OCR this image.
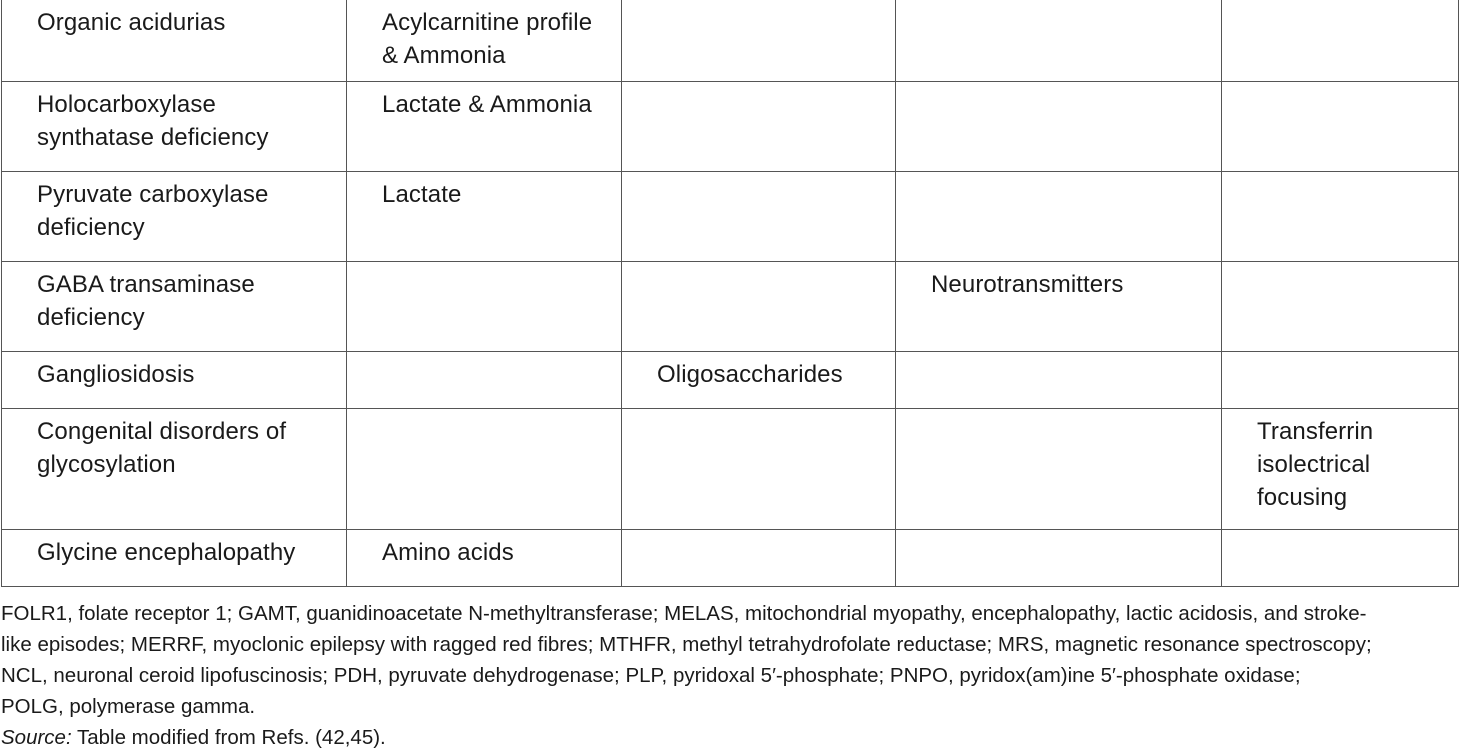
Organic acidurias	Acylcarnitine profile & Ammonia			
Holocarboxylase synthatase deficiency	Lactate & Ammonia			
Pyruvate carboxylase deficiency	Lactate			
GABA transaminase deficiency			Neurotransmitters	
Gangliosidosis		Oligosaccharides		
Congenital disorders of glycosylation				Transferrin isolectrical focusing
Glycine encephalopathy	Amino acids			
FOLR1, folate receptor 1; GAMT, guanidinoacetate N-methyltransferase; MELAS, mitochondrial myopathy, encephalopathy, lactic acidosis, and stroke-
like episodes; MERRF, myoclonic epilepsy with ragged red fibres; MTHFR, methyl tetrahydrofolate reductase; MRS, magnetic resonance spectroscopy;
NCL, neuronal ceroid lipofuscinosis; PDH, pyruvate dehydrogenase; PLP, pyridoxal 5′-phosphate; PNPO, pyridox(am)ine 5′-phosphate oxidase;
POLG, polymerase gamma.
Source: Table modified from Refs. (42,45).
